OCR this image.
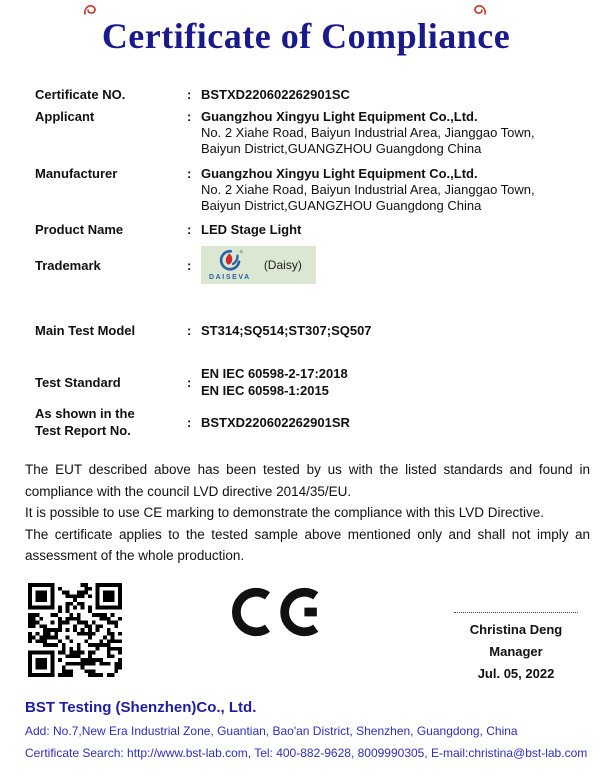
Certificate of Compliance
Certificate NO.	: BSTXD220602262901SC
Applicant	: Guangzhou Xingyu Light Equipment Co.,Ltd.
No. 2 Xiahe Road, Baiyun Industrial Area, Jianggao Town,
Baiyun District,GUANGZHOU Guangdong China
Manufacturer	: Guangzhou Xingyu Light Equipment Co.,Ltd.
No. 2 Xiahe Road, Baiyun Industrial Area, Jianggao Town,
Baiyun District,GUANGZHOU Guangdong China
Product Name	: LED Stage Light
Trademark	:
®
DAISEVA
(Daisy)
Main Test Model	: ST314;SQ514;ST307;SQ507
Test Standard	:
EN IEC 60598-2-17:2018
EN IEC 60598-1:2015
As shown in the
Test Report No.
: BSTXD220602262901SR

The EUT described above has been tested by us with the listed standards and found in compliance with the council LVD directive 2014/35/EU.

It is possible to use CE marking to demonstrate the compliance with this LVD Directive.

The certificate applies to the tested sample above mentioned only and shall not imply an assessment of the whole production.

Christina Deng
Manager
Jul. 05, 2022
BST Testing (Shenzhen)Co., Ltd.
Add: No.7,New Era Industrial Zone, Guantian, Bao'an District, Shenzhen, Guangdong, China
Certificate Search: http://www.bst-lab.com, Tel: 400-882-9628, 8009990305, E-mail:christina@bst-lab.com
